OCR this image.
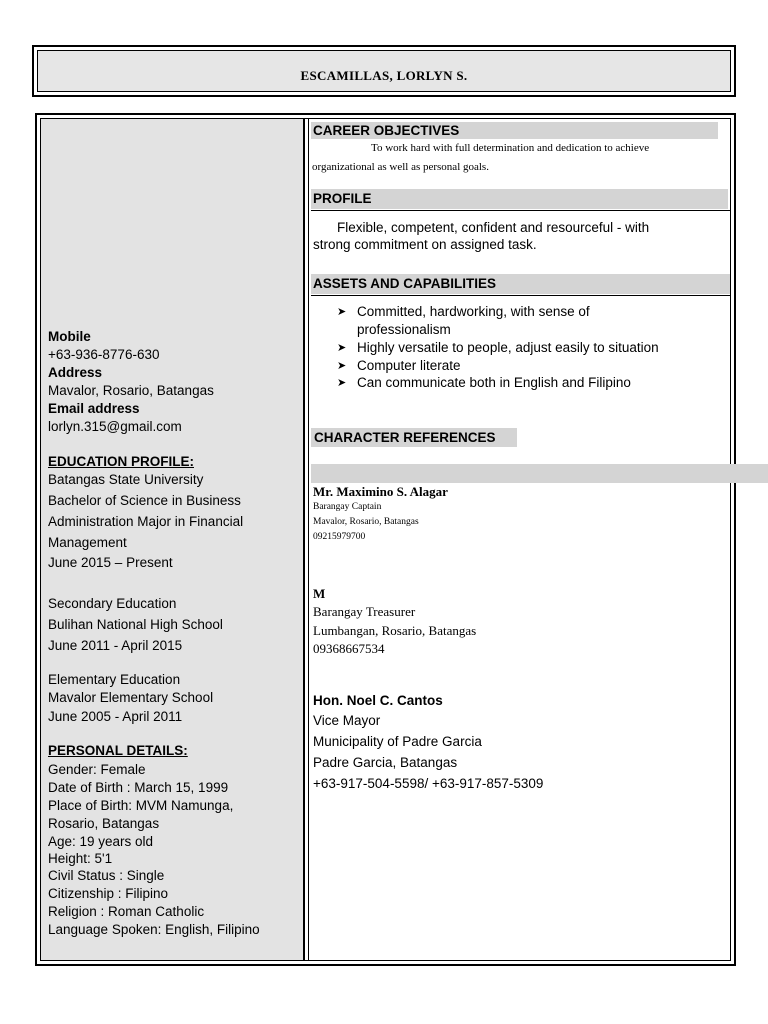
ESCAMILLAS, LORLYN S.
Mobile
+63-936-8776-630
Address
Mavalor, Rosario, Batangas
Email address
lorlyn.315@gmail.com
EDUCATION PROFILE:
Batangas State University
Bachelor of Science in Business
Administration Major in Financial
Management
June 2015 – Present
Secondary Education
Bulihan National High School
June 2011 - April 2015
Elementary Education
Mavalor Elementary School
June 2005 - April 2011
PERSONAL DETAILS:
Gender: Female
Date of Birth : March 15, 1999
Place of Birth: MVM Namunga,
Rosario, Batangas
Age: 19 years old
Height: 5'1
Civil Status : Single
Citizenship : Filipino
Religion : Roman Catholic
Language Spoken: English, Filipino
CAREER OBJECTIVES
To work hard with full determination and dedication to achieve
organizational as well as personal goals.
PROFILE
Flexible, competent, confident and resourceful - with
strong commitment on assigned task.
ASSETS AND CAPABILITIES
➤ Committed, hardworking, with sense of
professionalism
➤ Highly versatile to people, adjust easily to situation
➤ Computer literate
➤ Can communicate both in English and Filipino
CHARACTER REFERENCES
Mr. Maximino S. Alagar
Barangay Captain
Mavalor, Rosario, Batangas
09215979700
M
Barangay Treasurer
Lumbangan, Rosario, Batangas
09368667534
Hon. Noel C. Cantos
Vice Mayor
Municipality of Padre Garcia
Padre Garcia, Batangas
+63-917-504-5598/ +63-917-857-5309
